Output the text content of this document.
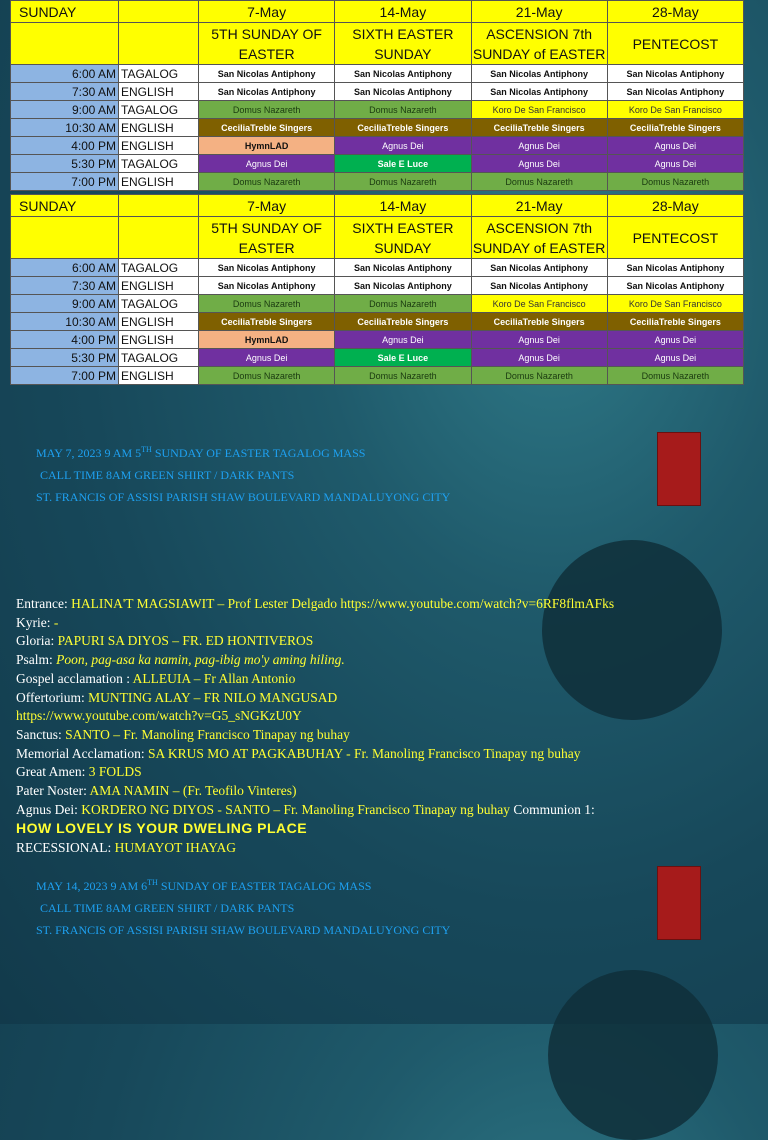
SUNDAY		7-May	14-May	21-May	28-May
		5TH SUNDAY OF EASTER	SIXTH EASTER SUNDAY	ASCENSION 7th SUNDAY of EASTER	PENTECOST
6:00 AM	TAGALOG	San Nicolas Antiphony	San Nicolas Antiphony	San Nicolas Antiphony	San Nicolas Antiphony
7:30 AM	ENGLISH	San Nicolas Antiphony	San Nicolas Antiphony	San Nicolas Antiphony	San Nicolas Antiphony
9:00 AM	TAGALOG	Domus Nazareth	Domus Nazareth	Koro De San Francisco	Koro De San Francisco
10:30 AM	ENGLISH	CeciliaTreble Singers	CeciliaTreble Singers	CeciliaTreble Singers	CeciliaTreble Singers
4:00 PM	ENGLISH	HymnLAD	Agnus Dei	Agnus Dei	Agnus Dei
5:30 PM	TAGALOG	Agnus Dei	Sale E Luce	Agnus Dei	Agnus Dei
7:00 PM	ENGLISH	Domus Nazareth	Domus Nazareth	Domus Nazareth	Domus Nazareth
SUNDAY		7-May	14-May	21-May	28-May
		5TH SUNDAY OF EASTER	SIXTH EASTER SUNDAY	ASCENSION 7th SUNDAY of EASTER	PENTECOST
6:00 AM	TAGALOG	San Nicolas Antiphony	San Nicolas Antiphony	San Nicolas Antiphony	San Nicolas Antiphony
7:30 AM	ENGLISH	San Nicolas Antiphony	San Nicolas Antiphony	San Nicolas Antiphony	San Nicolas Antiphony
9:00 AM	TAGALOG	Domus Nazareth	Domus Nazareth	Koro De San Francisco	Koro De San Francisco
10:30 AM	ENGLISH	CeciliaTreble Singers	CeciliaTreble Singers	CeciliaTreble Singers	CeciliaTreble Singers
4:00 PM	ENGLISH	HymnLAD	Agnus Dei	Agnus Dei	Agnus Dei
5:30 PM	TAGALOG	Agnus Dei	Sale E Luce	Agnus Dei	Agnus Dei
7:00 PM	ENGLISH	Domus Nazareth	Domus Nazareth	Domus Nazareth	Domus Nazareth
MAY 7, 2023 9 AM 5TH SUNDAY OF EASTER TAGALOG MASS
CALL TIME 8AM GREEN SHIRT / DARK PANTS
ST. FRANCIS OF ASSISI PARISH SHAW BOULEVARD MANDALUYONG CITY
Entrance: HALINA'T MAGSIAWIT – Prof Lester Delgado https://www.youtube.com/watch?v=6RF8flmAFks
Kyrie: -
Gloria: PAPURI SA DIYOS – FR. ED HONTIVEROS
Psalm: Poon, pag-asa ka namin, pag-ibig mo'y aming hiling.
Gospel acclamation : ALLEUIA – Fr Allan Antonio
Offertorium: MUNTING ALAY – FR NILO MANGUSAD
https://www.youtube.com/watch?v=G5_sNGKzU0Y
Sanctus: SANTO – Fr. Manoling Francisco Tinapay ng buhay
Memorial Acclamation: SA KRUS MO AT PAGKABUHAY - Fr. Manoling Francisco Tinapay ng buhay
Great Amen: 3 FOLDS
Pater Noster: AMA NAMIN – (Fr. Teofilo Vinteres)
Agnus Dei: KORDERO NG DIYOS - SANTO – Fr. Manoling Francisco Tinapay ng buhay Communion 1:
HOW LOVELY IS YOUR DWELING PLACE
RECESSIONAL: HUMAYOT IHAYAG
MAY 14, 2023 9 AM 6TH SUNDAY OF EASTER TAGALOG MASS
CALL TIME 8AM GREEN SHIRT / DARK PANTS
ST. FRANCIS OF ASSISI PARISH SHAW BOULEVARD MANDALUYONG CITY
